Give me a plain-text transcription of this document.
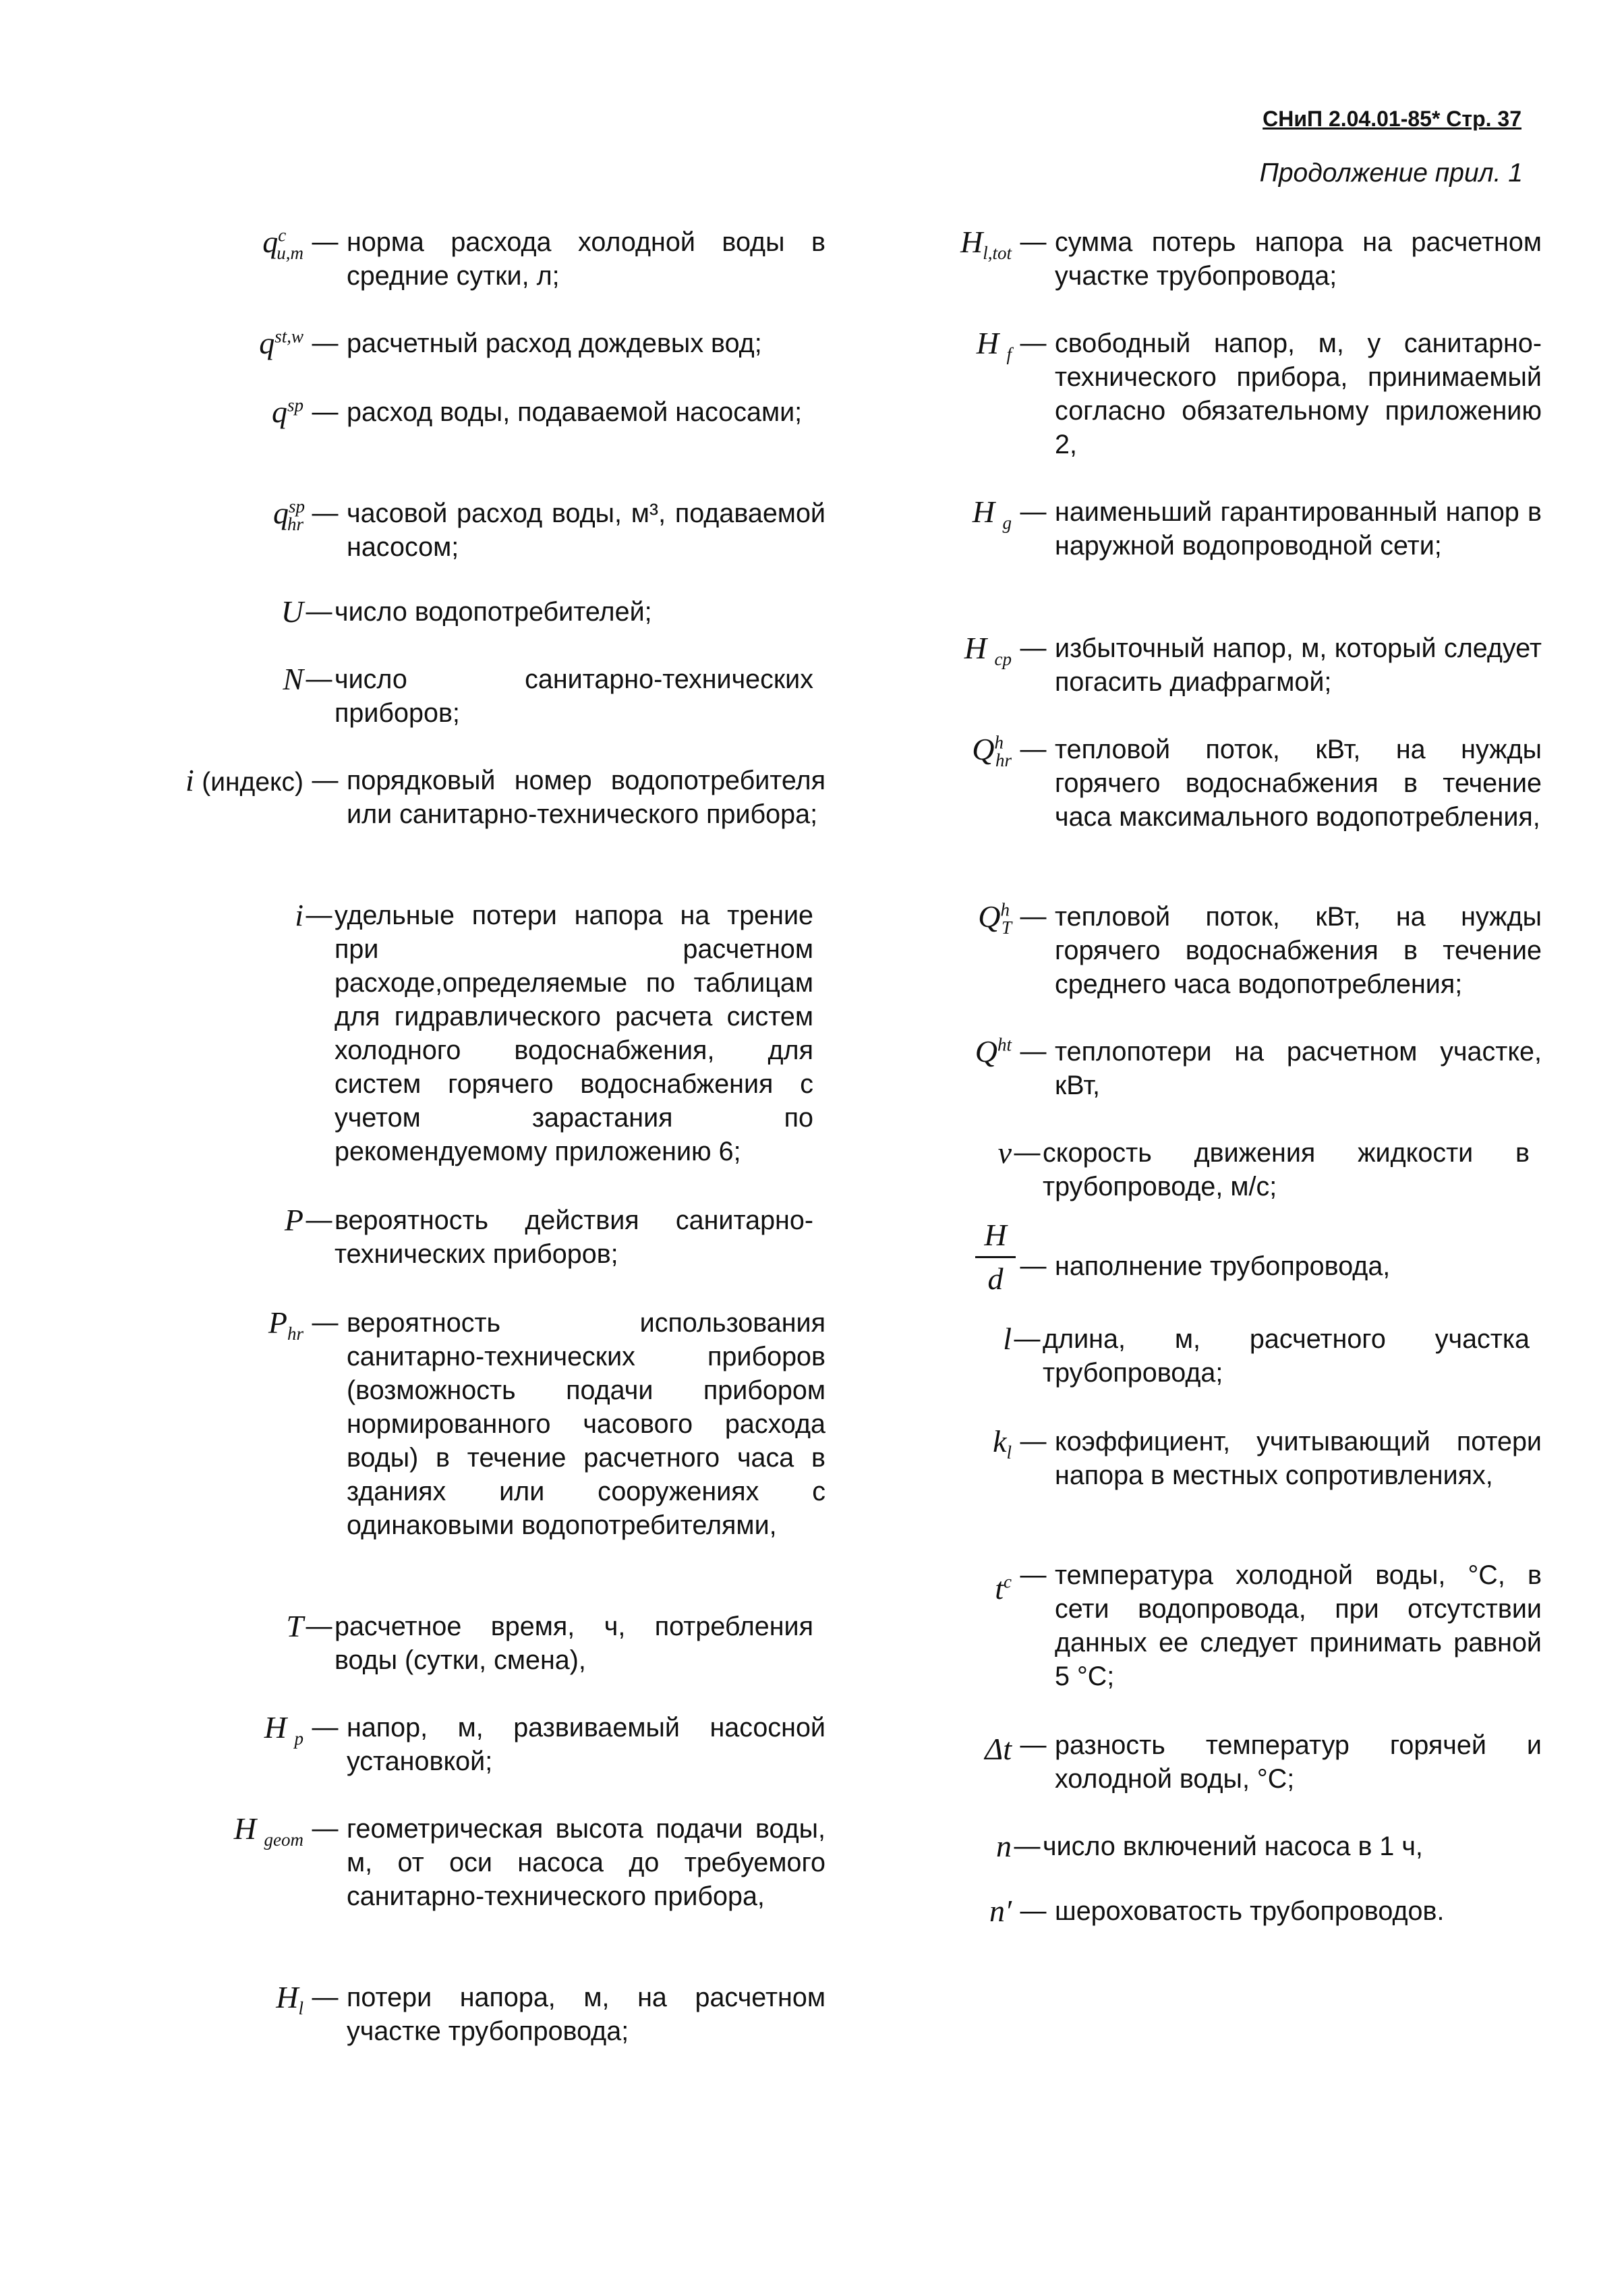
СНиП 2.04.01-85* Стр. 37
Продолжение прил. 1
$q^c_{u,m}$ — норма расхода холодной воды в средние сутки, л;
$q^{st,w}$ — расчетный расход дождевых вод;
$q^{sp}$ — расход воды, подаваемой насосами;
$q^{sp}_{hr}$ — часовой расход воды, м³, подаваемой насосом;
U — число водопотребителей;
N — число санитарно-технических приборов;
i (индекс) — порядковый номер водопотребителя или санитарно-технического прибора;
i — удельные потери напора на трение при расчетном расходе,определяемые по таблицам для гидравлического расчета систем холодного водоснабжения, для систем горячего водоснабжения с учетом зарастания по рекомендуемому приложению 6;
P — вероятность действия санитарно-технических приборов;
$P_{hr}$ — вероятность использования санитарно-технических приборов (возможность подачи прибором нормированного часового расхода воды) в течение расчетного часа в зданиях или сооружениях с одинаковыми водопотребителями,
T — расчетное время, ч, потребления воды (сутки, смена),
H $_p$ — напор, м, развиваемый насосной установкой;
H $_{geom}$ — геометрическая высота подачи воды, м, от оси насоса до требуемого санитарно-технического прибора,
$H_l$ — потери напора, м, на расчетном участке трубопровода;
$H_{l,tot}$ — сумма потерь напора на расчетном участке трубопровода;
H $_f$ — свободный напор, м, у санитарно-технического прибора, принимаемый согласно обязательному приложению 2,
H $_g$ — наименьший гарантированный напор в наружной водопроводной сети;
H $_{cp}$ — избыточный напор, м, который следует погасить диафрагмой;
$Q^h_{hr}$ — тепловой поток, кВт, на нужды горячего водоснабжения в течение часа максимального водопотребления,
$Q^h_T$ — тепловой поток, кВт, на нужды горячего водоснабжения в течение среднего часа водопотребления;
$Q^{ht}$ — теплопотери на расчетном участке, кВт,
v — скорость движения жидкости в трубопроводе, м/с;
H
d — наполнение трубопровода,
l — длина, м, расчетного участка трубопровода;
$k_l$ — коэффициент, учитывающий потери напора в местных сопротивлениях,
$t^c$ — температура холодной воды, °С, в сети водопровода, при отсутствии данных ее следует принимать равной 5 °С;
Δt — разность температур горячей и холодной воды, °С;
n — число включений насоса в 1 ч,
n′ — шероховатость трубопроводов.
